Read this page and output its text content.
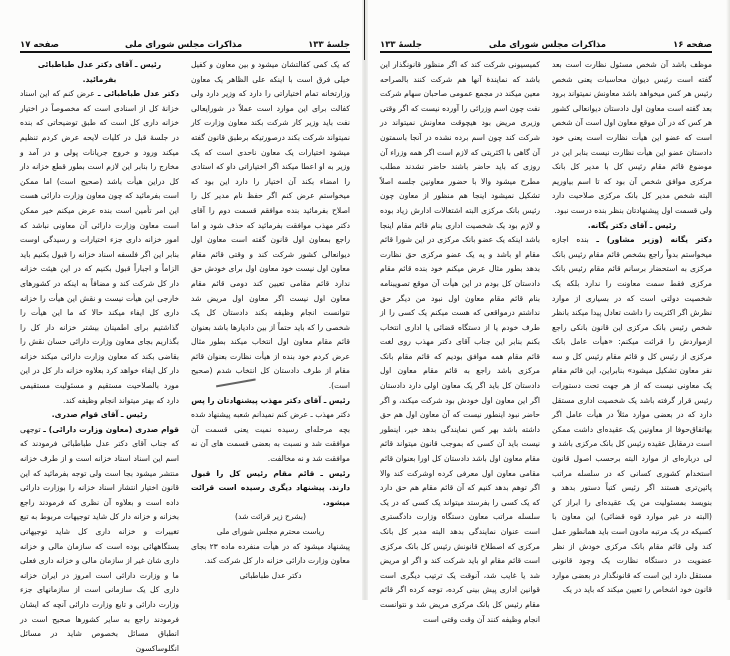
جلسهٔ ۱۳۳
مذاکرات مجلس شورای ملی
صفحه ۱۷

که یک کمی کفالتشان میشود و بین معاون و کفیل خیلی فرق است با اینکه علی الظاهر یک معاون وزارتخانه تمام اختیاراتی را دارد که وزیر دارد ولی کفالت برای این موارد است عملاً در شورایعالی نفت باید وزیر کار شرکت بکند معاون وزارت کار نمیتواند شرکت بکند درصورتیکه برطبق قانون گفته میشود اختیارات یک معاون ناحدی است که یک وزیر به او اعطا میکند اگر اختیاراتی داو که استادی را امضاء بکند آن اختیار را دارد این بود که میخواستم عرض کنم اگر حفظ نام مدیر کل را اصلاح بفرمائید بنده موافقم قسمت دوم را آقای دکتر مهذب موافقت بفرمائید که حذف شود و اما راجع بمعاون اول قانون گفته است معاون اول دیوانعالی کشور شرکت کند و وقتی قائم مقام معاون اول نیست خود معاون اول برای خودش حق ندارد قائم مقامی تعیین کند دومی قائم مقام معاون اول نیست اگر معاون اول مریض شد نتوانست انجام وظیفه بکند دادستان کل یک شخصی را که باید حتماً از بین دادیارها باشد بعنوان قائم مقام معاون اول انتخاب میکند بطور مثال عرض کردم خود بنده از هیأت نظارت بعنوان قائم مقام از طرف دادستان کل انتخاب شدم (صحیح است).

رئیس ـ آقای دکتر مهذب پیشنهادتان را پس

دکتر مهذب ـ عرض کنم نمیدانم شعبه پیشنهاد شده بچه مرحله‌ای رسیده نمیت یعنی قسمت آن موافقت شد و نسبت به بعضی قسمت های آن نه موافقت شد و نه مخالفت.

رئیس ـ قائم مقام رئیس کل را قبول دارند. پیشنهاد دیگری رسیده است قرائت میشود.

(بشرح زیر قرائت شد)

ریاست محترم مجلس شورای ملی

پیشنهاد میشود که در هیأت منفرده ماده ۲۳ بجای معاون وزارت دارائی خزانه دار کل شرکت کند.

دکتر عدل طباطبائی

رئیس ـ آقای دکتر عدل طباطبائی بفرمائید.

دکتر عدل طباطبائی ـ عرض کنم که این اسناد خزانهٔ کل از اسنادی است که مخصوصاً در اختیار خزانه داری کل است که طبق توضیحاتی که بنده در جلسهٔ قبل در کلیات لایحه عرض کردم تنظیم میکند ورود و خروج جریانات پولی و در آمد و مخارج را بنابر این لازم است بطور قطع خزانه دار کل دراین هیأت باشد (صحیح است) اما ممکن است بفرمائید که چون معاون وزارت دارائی هست این امر تأمین است بنده عرض میکنم خیر ممکن است معاون وزارت دارائی آن معاونی نباشد که امور خزانه داری جزء اختیارات و رسیدگی اوست بنابر این اگر فلسفه اسناد خزانه را قبول بکنیم باید الزاماً و اجباراً قبول بکنیم که در این هیئت خزانه دار کل شرکت کند و مضافاً به اینکه در کشورهای خارجی این هیأت نیست و نقش این هیأت را خزانه داری کل ایفاء میکند حالا که ما این هیأت را گذاشتیم برای اطمینان بیشتر خزانه دار کل را بگذاریم بجای معاون وزارت دارائی حسان نقش را بقاضی بکند که معاون وزارت دارائی میکند خزانه دار کل ایفاء خواهد کرد بعلاوه خزانه دار کل در این مورد بالصلاحیت مستقیم و مسئولیت مستقیمی دارد که بهتر میتواند انجام وظیفه کند.

رئیس ـ آقای قوام صدری.

قوام صدری (معاون وزارت دارائی) ـ توجهی که جناب آقای دکتر عدل طباطبائی فرمودند که اسم این اسناد اسناد خزانه است و از طرف خزانه منتشر میشود بجا است ولی توجه بفرمائید که این قانون اختیار انتشار اسناد خزانه را بوزارت دارائی داده است و بعلاوه آن نظری که فرمودند راجع بخزانه و خزانه دار کل شاید توجیهات مربوط به تبع تغییرات و خزانه داری کل شاید توجیهاتی بستگاههائی بوده است که سازمان مالی و خزانه داری شان غیر از سازمان مالی و خزانه داری فعلی ما و وزارت دارائی است امروز در ایران خزانه داری کل یک سازمانی است از سازمانهای جزء وزارت دارائی و تابع وزارت دارائی آنچه که ایشان فرمودند راجع به سایر کشورها صحیح است در انطباق مسائل بخصوص شاید در مسائل انگلوساکسون

صفحه ۱۶
مذاکرات مجلس شورای ملی
جلسهٔ ۱۳۳

موظف باشد آن شخص مسئول نظارت است بعد گفته است رئیس دیوان محاسبات یعنی شخص رئیس هر کس میخواهد باشد معاونش نمیتواند برود بعد گفته است معاون اول دادستان دیوانعالی کشور هر کس که در آن موقع معاون اول است آن شخص است که عضو این هیأت نظارت است یعنی خود دادستان عضو این هیأت نظارت نیست بنابر این در موضوع قائم مقام رئیس کل با مدیر کل بانک مرکزی موافق شخص آن بود که تا اسم بیاوریم البته شخص مدیر کل بانک مرکزی صلاحیت دارد ولی قسمت اول پیشنهادتان بنظر بنده درست نبود.

رئیس ـ آقای دکتر یگانه.

دکتر یگانه (وزیر مشاور) ـ بنده اجازه میخواستم بدواً راجع بشخص قائم مقام رئیس بانک مرکزی به استحضار برسانم قائم مقام رئیس بانک مرکزی فقط سمت معاونت را ندارد بلکه یک شخصیت دولتی است که در بسیاری از موارد نظرش اگر اکثریت را داشت تعادل پیدا میکند بانظر شخص رئیس بانک مرکزی این قانون بانکی راجع ازمواردش را قرائت میکنم: «هیأت عامل بانک مرکزی از رئیس کل و قائم مقام رئیس کل و سه نفر معاون تشکیل میشود» بنابراین، این قائم مقام یک معاونی نیست که از هر جهت تحت دستورات رئیس قرار گرفته باشد یک شخصیت اداری مستقل دارد که در بعضی موارد مثلاً در هیأت عامل اگر بهاتفاق‌حوفا از معاونین یک عقیده‌ای داشت ممکن است درمقابل عقیده رئیس کل بانک مرکزی باشد و لی درباره‌ای از موارد البته برحسب اصول قانون استخدام کشوری کسانی که در سلسله مراتب پائین‌تری هستند اگر رئیس کتباً دستور بدهد و بنویسد بمسئولیت من یک عقیده‌ای را ابراز کن (البته در غیر موارد قوه قضائی) این معاون با کسیکه در یک مرتبه مادون است باید همانطور عمل کند ولی قائم مقام بانک مرکزی خودش از نظر عضویت در دستگاه نظارت یک وجود قانونی مستقل دارد این است که قانونگذار در بعضی موارد قانون خود اشخاص را تعیین میکند که باید در یک

کمیسیونی شرکت کند که اگر منظور قانونگذار این باشد که نمایندهٔ آنها هم شرکت کنند بالصراحه معین میکند در مجمع عمومی صاحبان سهام شرکت نفت چون اسم وزرائی را آورده نیست که اگر وقتی وزیری مریض بود هیچوقت معاونش نمیتواند در شرکت کند چون اسم برده نشده در آنجا باسمتون آن گاهی با اکثریتی که لازم است اگر همه وزراء آن روزی که باید حاضر باشند حاضر نشدند مطلب مطرح میشود والا با حضور معاونین جلسه اصلاً تشکیل نمیشود اینجا هم منظور از معاون چون رئیس بانک مرکزی البته اشتغالات ادارش زیاد بوده و لازم بود یک شخصیت اداری بنام قائم مقام اینجا باشد اینکه یک عضو بانک مرکزی در این شورا قائم مقام او باشد و یه یک عضو مرکزی حق نظارت بدهد بطور مثال عرض میکنم خود بنده قائم مقام دادستان کل بودم در این هیأت آن موقع تصویبنامه بنام قائم مقام معاون اول نبود من دیگر حق نداشتم درمواقعی که هست میکنم یک کسی را از طرف خودم یا از دستگاه قضائی یا اداری انتخاب بکنم بنابر این جناب آقای دکتر مهذب روی لغت قائم مقام همه موافق بودیم که قائم مقام بانک مرکزی باشد راجع به قائم مقام معاون اول دادستان کل باید اگر یک معاون اولی دارد دادستان اگر این معاون اول خودش بود شرکت میکند، و اگر حاضر نبود اینطور نیست که آن معاون اول هم حق داشته باشد بهر کس نمایندگی بدهد خیر، اینطور نیست باید آن کسی که بموجب قانون میتواند قائم مقام معاون اول باشد دادستان کل اورا بعنوان قائم مقامی معاون اول معرفی کرده اوشرکت کند والا اگر توهم بدهد کنیم که آن قائم مقام هم حق دارد که یک کسی را بفرستد میتواند یک کسی که در یک سلسله مراتب معاون دستگاه وزارت دادگستری است عنوان نمایندگی بدهد البته مدیر کل بانک مرکزی که اصطلاح قانونش رئیس کل بانک مرکزی است قائم مقام او باید شرکت کند و اگر او مریض شد یا غایب شد، آنوقت یک ترتیب دیگری است قوانین اداری پیش بینی کرده، توجه کرده اگر قائم مقام رئیس کل بانک مرکزی مریض شد و نتوانست انجام وظیفه کنند آن وقت وقتی است
